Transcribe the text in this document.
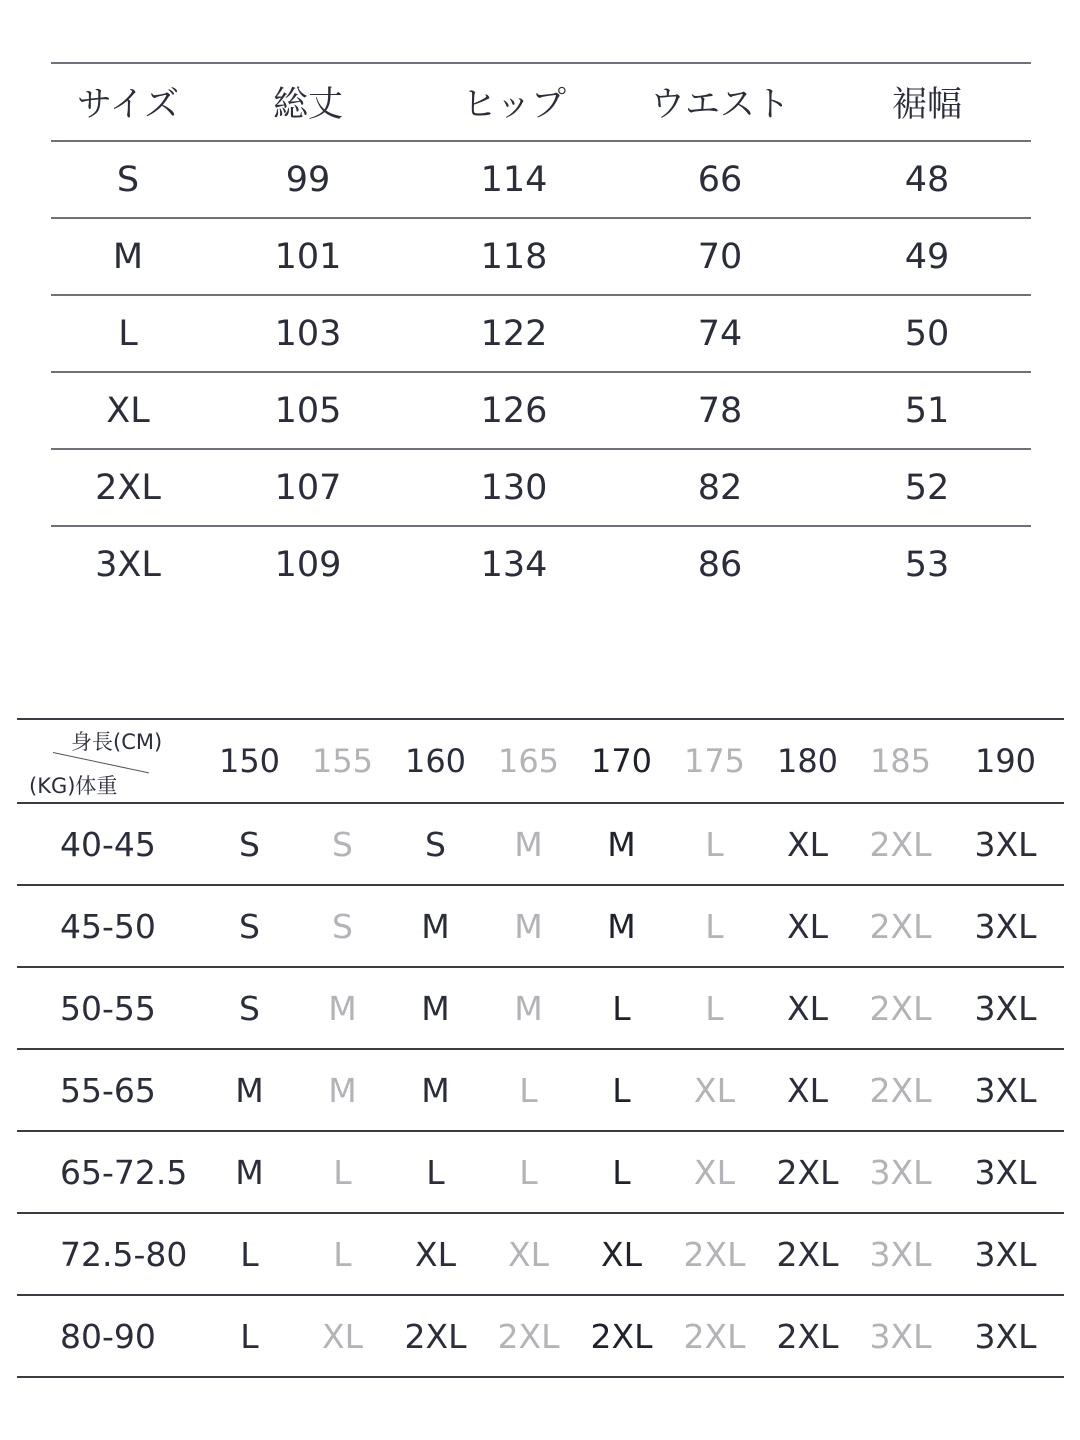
サイズ	総丈	ヒップ	ウエスト	裾幅
S	99	114	66	48
M	101	118	70	49
L	103	122	74	50
XL	105	126	78	51
2XL	107	130	82	52
3XL	109	134	86	53
身長(CM)
(KG)体重	150	155	160	165	170	175	180	185	190
40-45	S	S	S	M	M	L	XL	2XL	3XL
45-50	S	S	M	M	M	L	XL	2XL	3XL
50-55	S	M	M	M	L	L	XL	2XL	3XL
55-65	M	M	M	L	L	XL	XL	2XL	3XL
65-72.5	M	L	L	L	L	XL	2XL	3XL	3XL
72.5-80	L	L	XL	XL	XL	2XL	2XL	3XL	3XL
80-90	L	XL	2XL	2XL	2XL	2XL	2XL	3XL	3XL
